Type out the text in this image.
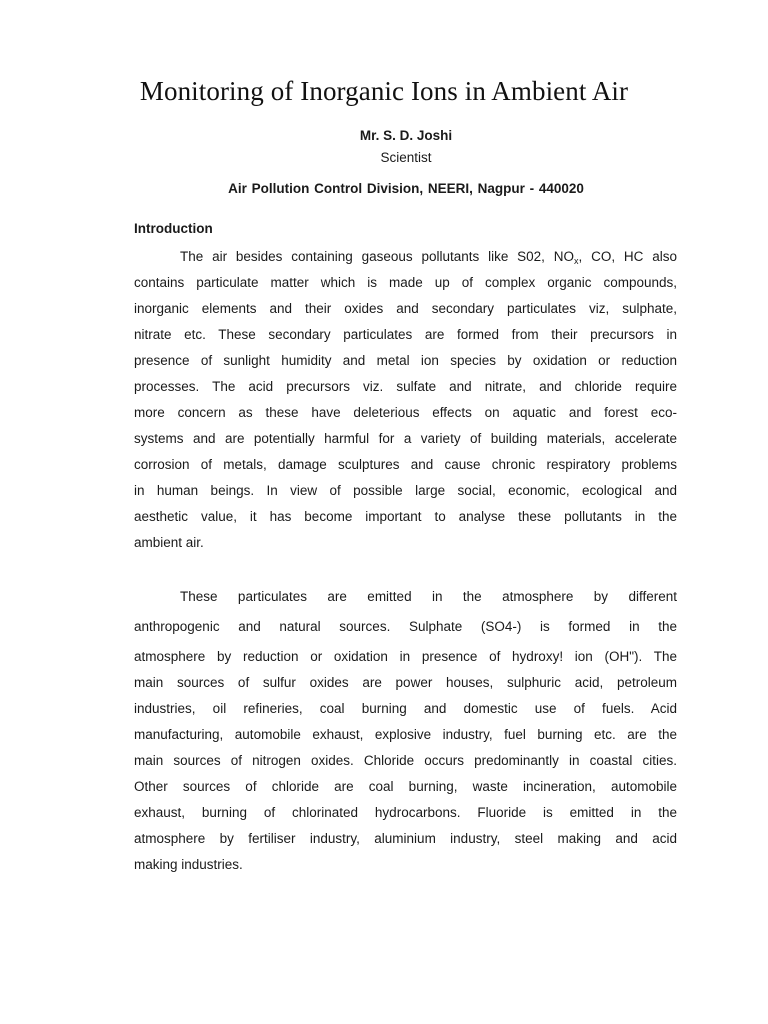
Monitoring of Inorganic Ions in Ambient Air
Mr. S. D. Joshi
Scientist
Air Pollution Control Division, NEERI, Nagpur - 440020
Introduction
The air besides containing gaseous pollutants like S02, $NO_x$, CO, HC also
contains particulate matter which is made up of complex organic compounds,
inorganic elements and their oxides and secondary particulates viz, sulphate,
nitrate etc. These secondary particulates are formed from their precursors in
presence of sunlight humidity and metal ion species by oxidation or reduction
processes. The acid precursors viz. sulfate and nitrate, and chloride require
more concern as these have deleterious effects on aquatic and forest eco-
systems and are potentially harmful for a variety of building materials, accelerate
corrosion of metals, damage sculptures and cause chronic respiratory problems
in human beings. In view of possible large social, economic, ecological and
aesthetic value, it has become important to analyse these pollutants in the
ambient air.
These particulates are emitted in the atmosphere by different
anthropogenic and natural sources. Sulphate (SO4-) is formed in the
atmosphere by reduction or oxidation in presence of hydroxy! ion (OH"). The
main sources of sulfur oxides are power houses, sulphuric acid, petroleum
industries, oil refineries, coal burning and domestic use of fuels. Acid
manufacturing, automobile exhaust, explosive industry, fuel burning etc. are the
main sources of nitrogen oxides. Chloride occurs predominantly in coastal cities.
Other sources of chloride are coal burning, waste incineration, automobile
exhaust, burning of chlorinated hydrocarbons. Fluoride is emitted in the
atmosphere by fertiliser industry, aluminium industry, steel making and acid
making industries.
